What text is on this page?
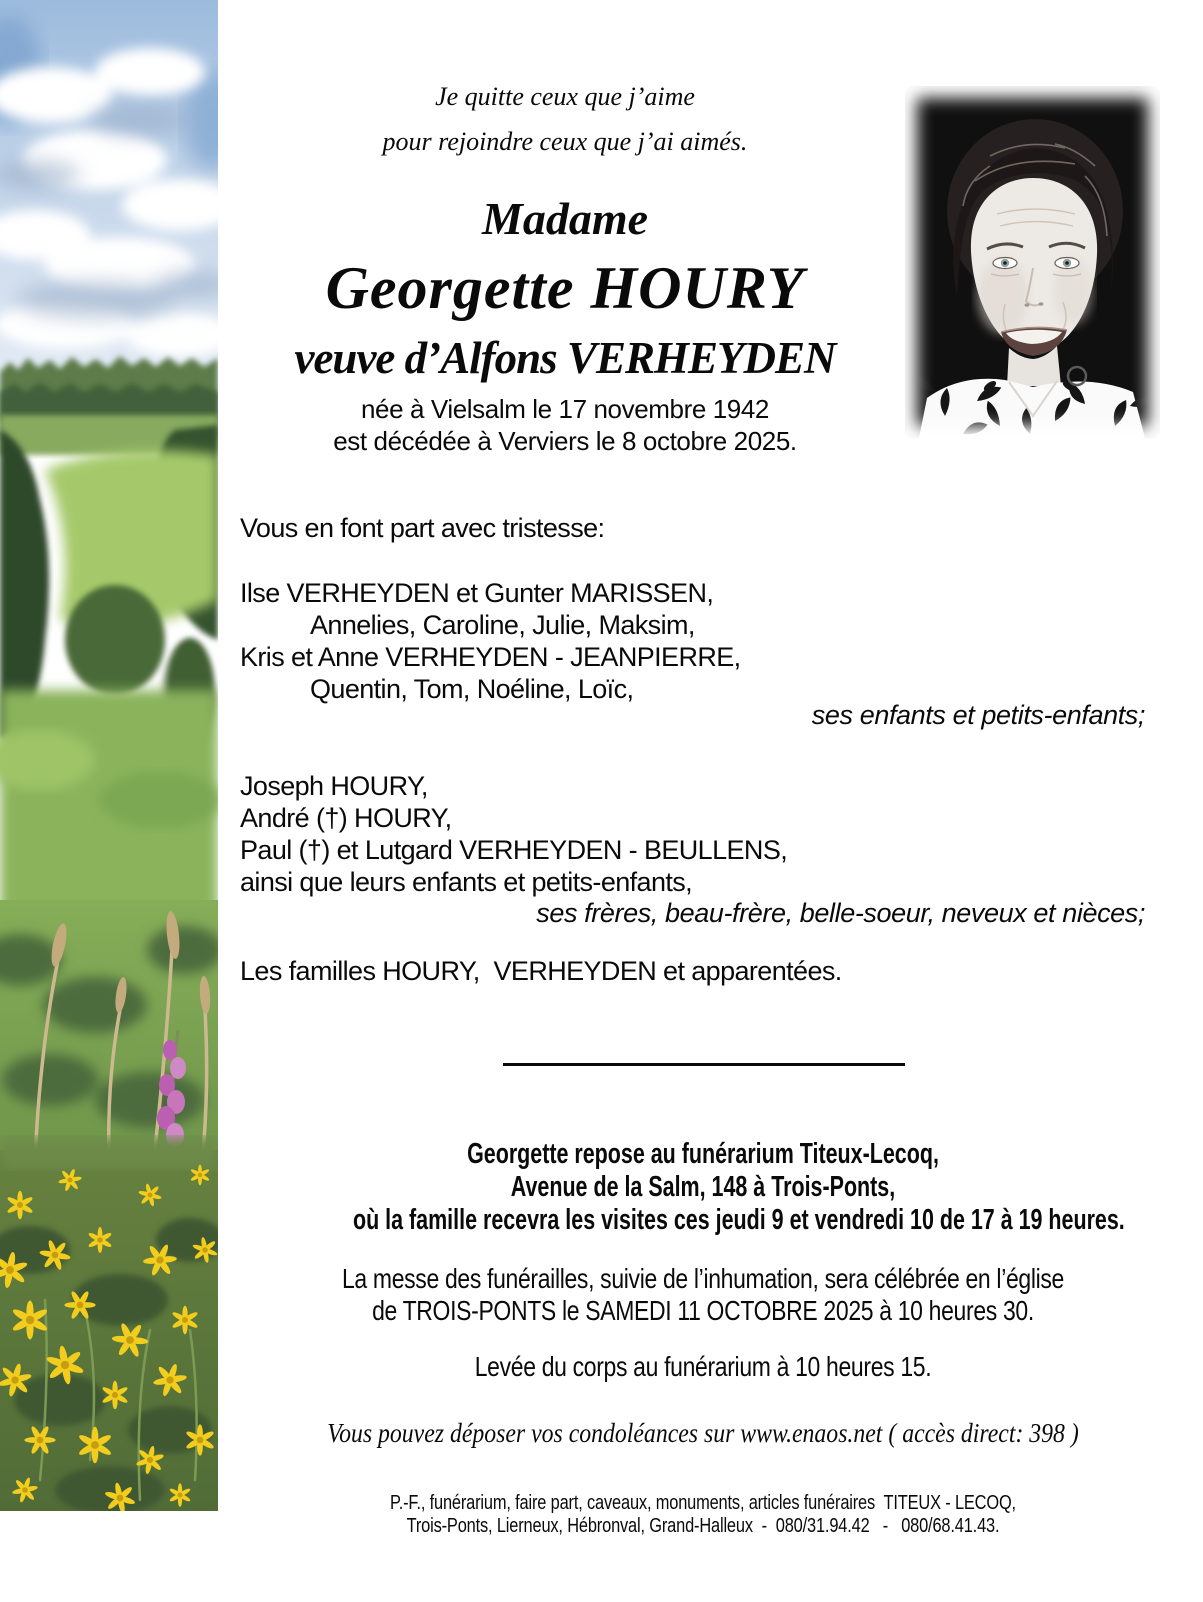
Je quitte ceux que j’aime
pour rejoindre ceux que j’ai aimés.
Madame
Georgette HOURY
veuve d’Alfons VERHEYDEN
née à Vielsalm le 17 novembre 1942
est décédée à Verviers le 8 octobre 2025.
Vous en font part avec tristesse:
Ilse VERHEYDEN et Gunter MARISSEN,
Annelies, Caroline, Julie, Maksim,
Kris et Anne VERHEYDEN - JEANPIERRE,
Quentin, Tom, Noéline, Loïc,
ses enfants et petits-enfants;
Joseph HOURY,
André (†) HOURY,
Paul (†) et Lutgard VERHEYDEN - BEULLENS,
ainsi que leurs enfants et petits-enfants,
ses frères, beau-frère, belle-soeur, neveux et nièces;
Les familles HOURY,  VERHEYDEN et apparentées.
Georgette repose au funérarium Titeux-Lecoq,
Avenue de la Salm, 148 à Trois-Ponts,
où la famille recevra les visites ces jeudi 9 et vendredi 10 de 17 à 19 heures.
La messe des funérailles, suivie de l’inhumation, sera célébrée en l’église
de TROIS-PONTS le SAMEDI 11 OCTOBRE 2025 à 10 heures 30.
Levée du corps au funérarium à 10 heures 15.
Vous pouvez déposer vos condoléances sur www.enaos.net ( accès direct: 398 )
P.-F., funérarium, faire part, caveaux, monuments, articles funéraires  TITEUX - LECOQ,
Trois-Ponts, Lierneux, Hébronval, Grand-Halleux  -  080/31.94.42   -   080/68.41.43.
